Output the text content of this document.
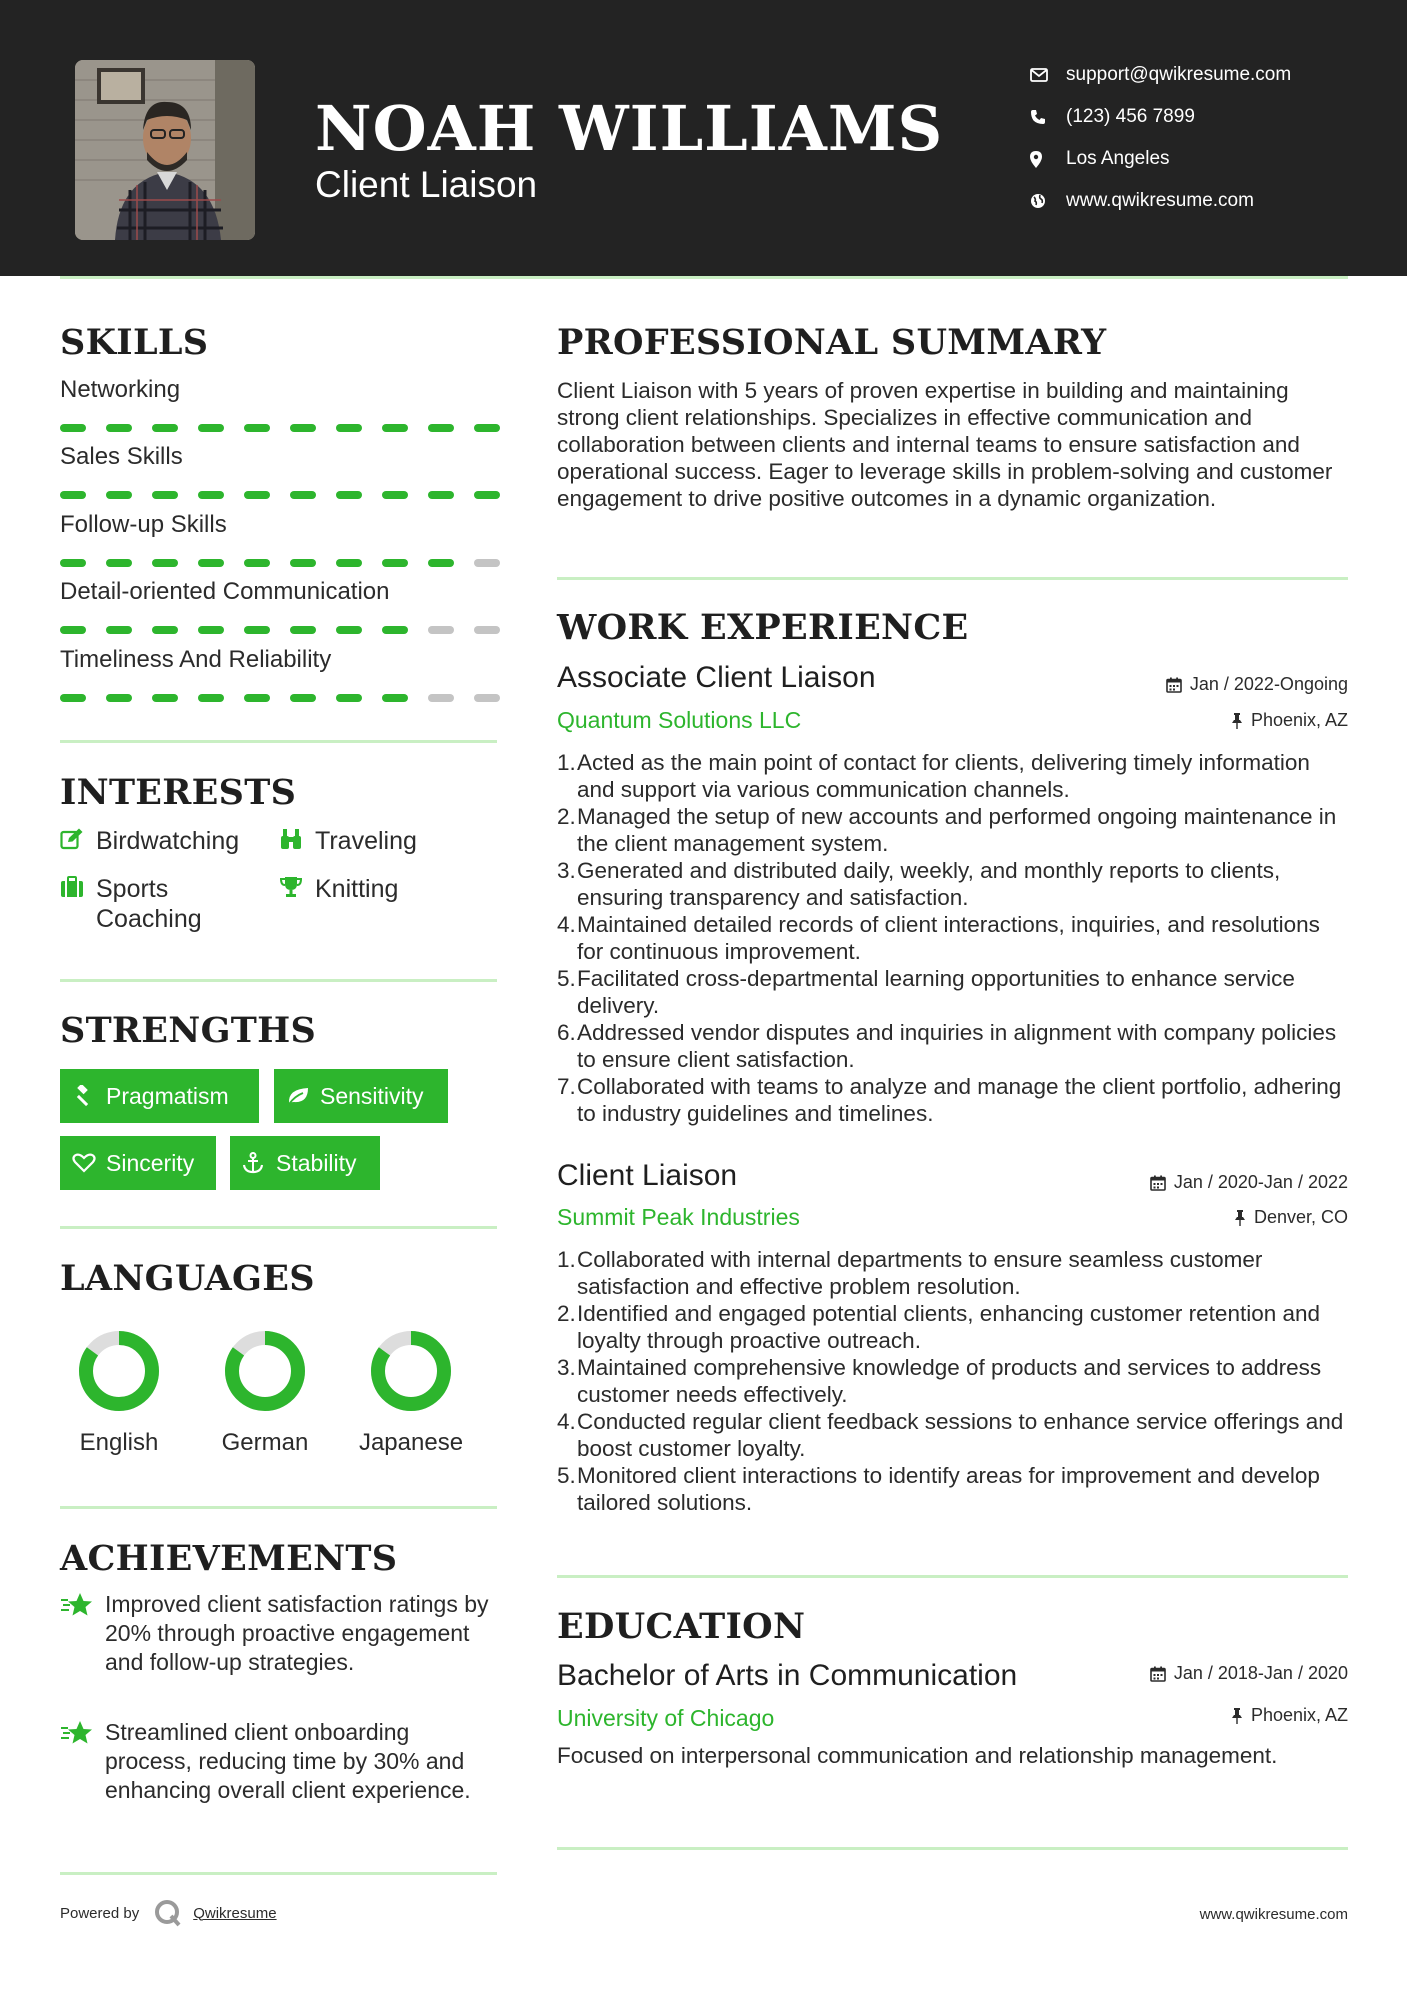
NOAH WILLIAMS
Client Liaison
support@qwikresume.com
(123) 456 7899
Los Angeles
www.qwikresume.com
SKILLS
Networking
Sales Skills
Follow-up Skills
Detail-oriented Communication
Timeliness And Reliability
INTERESTS
Birdwatching	Traveling
Sports Coaching
Knitting
STRENGTHS
Pragmatism	Sensitivity
Sincerity	Stability
LANGUAGES
English	German	Japanese
ACHIEVEMENTS
Improved client satisfaction ratings by 20% through proactive engagement and follow-up strategies.
Streamlined client onboarding process, reducing time by 30% and enhancing overall client experience.
PROFESSIONAL SUMMARY
Client Liaison with 5 years of proven expertise in building and maintaining strong client relationships. Specializes in effective communication and collaboration between clients and internal teams to ensure satisfaction and operational success. Eager to leverage skills in problem-solving and customer engagement to drive positive outcomes in a dynamic organization.
WORK EXPERIENCE
Associate Client Liaison	Jan / 2022-Ongoing
Quantum Solutions LLC	Phoenix, AZ
1. Acted as the main point of contact for clients, delivering timely information and support via various communication channels.
2. Managed the setup of new accounts and performed ongoing maintenance in the client management system.
3. Generated and distributed daily, weekly, and monthly reports to clients, ensuring transparency and satisfaction.
4. Maintained detailed records of client interactions, inquiries, and resolutions for continuous improvement.
5. Facilitated cross-departmental learning opportunities to enhance service delivery.
6. Addressed vendor disputes and inquiries in alignment with company policies to ensure client satisfaction.
7. Collaborated with teams to analyze and manage the client portfolio, adhering to industry guidelines and timelines.
Client Liaison	Jan / 2020-Jan / 2022
Summit Peak Industries	Denver, CO
1. Collaborated with internal departments to ensure seamless customer satisfaction and effective problem resolution.
2. Identified and engaged potential clients, enhancing customer retention and loyalty through proactive outreach.
3. Maintained comprehensive knowledge of products and services to address customer needs effectively.
4. Conducted regular client feedback sessions to enhance service offerings and boost customer loyalty.
5. Monitored client interactions to identify areas for improvement and develop tailored solutions.
EDUCATION
Bachelor of Arts in Communication	Jan / 2018-Jan / 2020
University of Chicago	Phoenix, AZ
Focused on interpersonal communication and relationship management.
Powered by	Qwikresume	www.qwikresume.com
